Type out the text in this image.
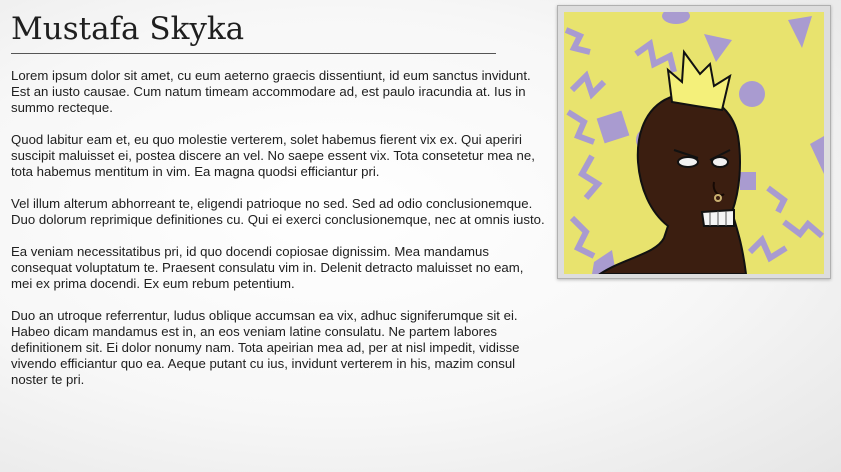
Mustafa Skyka

Lorem ipsum dolor sit amet, cu eum aeterno graecis dissentiunt, id eum sanctus invidunt. Est an iusto causae. Cum natum timeam accommodare ad, est paulo iracundia at. Ius in summo recteque.

Quod labitur eam et, eu quo molestie verterem, solet habemus fierent vix ex. Qui aperiri suscipit maluisset ei, postea discere an vel. No saepe essent vix. Tota consetetur mea ne, tota habemus mentitum in vim. Ea magna quodsi efficiantur pri.

Vel illum alterum abhorreant te, eligendi patrioque no sed. Sed ad odio conclusionemque. Duo dolorum reprimique definitiones cu. Qui ei exerci conclusionemque, nec at omnis iusto.

Ea veniam necessitatibus pri, id quo docendi copiosae dignissim. Mea mandamus consequat voluptatum te. Praesent consulatu vim in. Delenit detracto maluisset no eam, mei ex prima docendi. Ex eum rebum petentium.

Duo an utroque referrentur, ludus oblique accumsan ea vix, adhuc signiferumque sit ei. Habeo dicam mandamus est in, an eos veniam latine consulatu. Ne partem labores definitionem sit. Ei dolor nonumy nam. Tota apeirian mea ad, per at nisl impedit, vidisse vivendo efficiantur quo ea. Aeque putant cu ius, invidunt verterem in his, mazim consul noster te pri.
